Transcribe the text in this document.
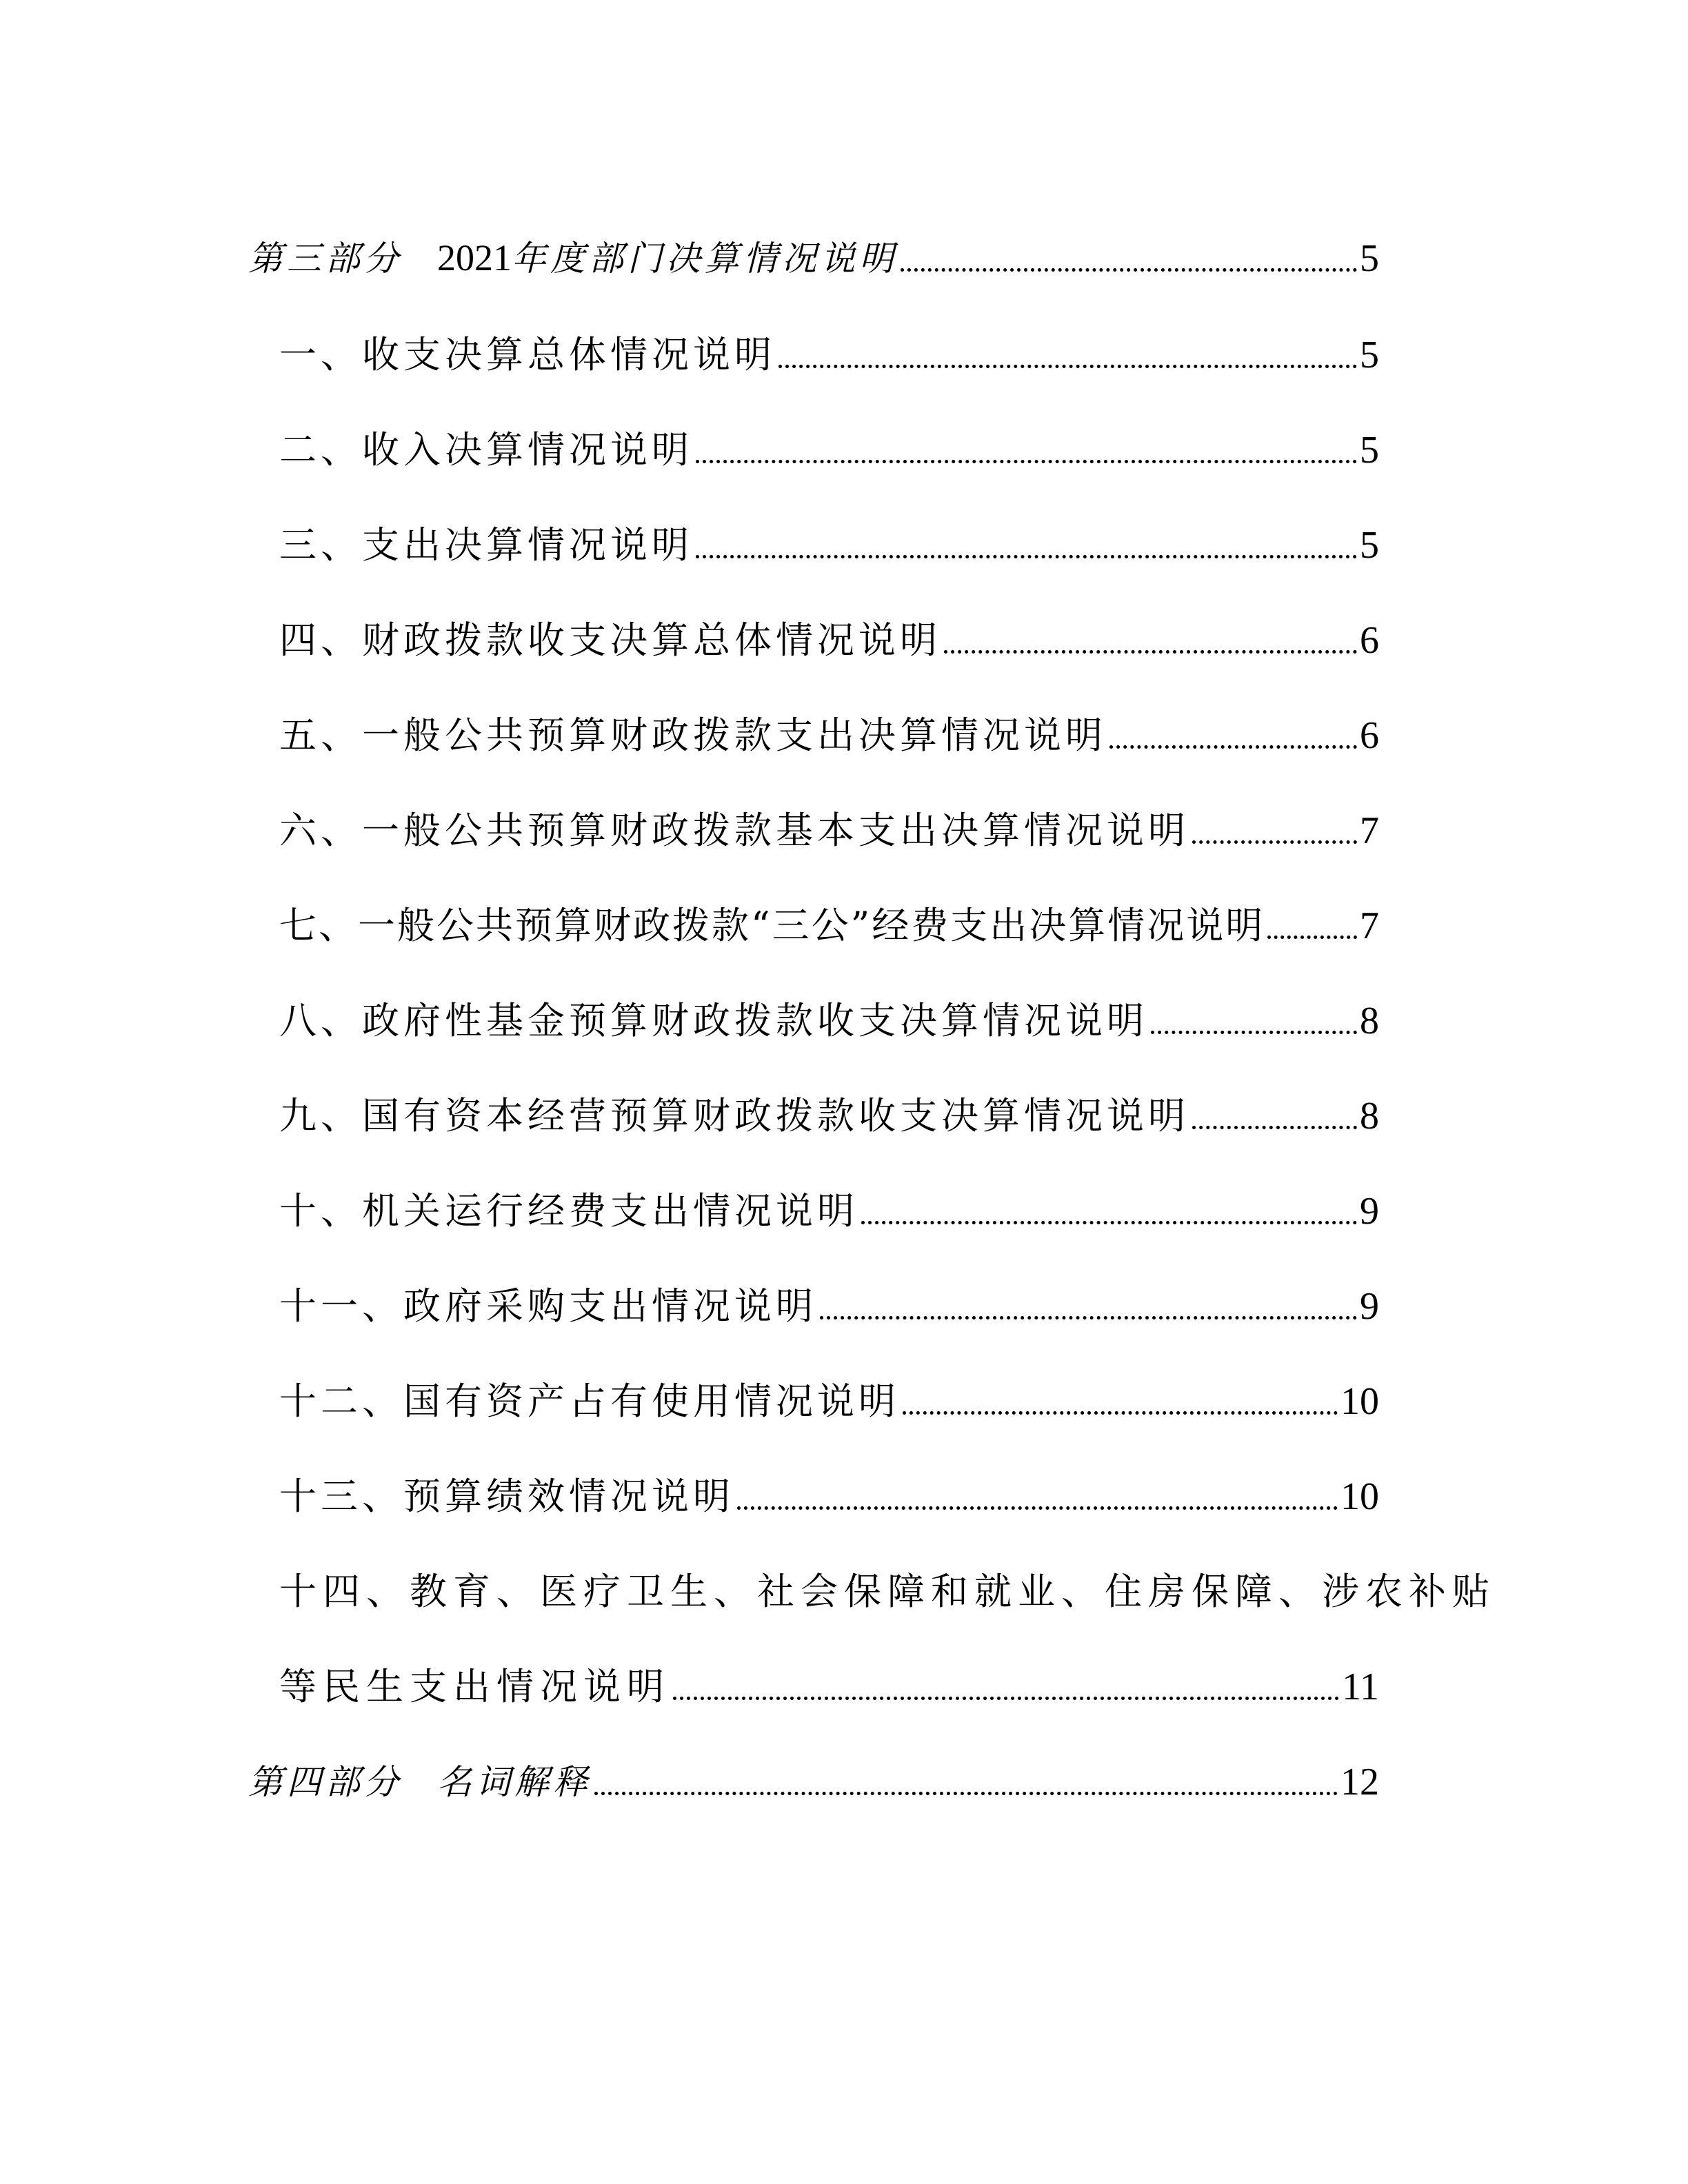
第三部分 2021年度部门决算情况说明	5
一、收支决算总体情况说明	5
二、收入决算情况说明	5
三、支出决算情况说明	5
四、财政拨款收支决算总体情况说明	6
五、一般公共预算财政拨款支出决算情况说明	6
六、一般公共预算财政拨款基本支出决算情况说明	7
七、一般公共预算财政拨款“三公”经费支出决算情况说明 7
八、政府性基金预算财政拨款收支决算情况说明	8
九、国有资本经营预算财政拨款收支决算情况说明	8
十、机关运行经费支出情况说明	9
十一、政府采购支出情况说明	9
十二、国有资产占有使用情况说明	10
十三、预算绩效情况说明	10
十四、教育、医疗卫生、社会保障和就业、住房保障、涉农补贴
等民生支出情况说明	11
第四部分 名词解释	12
